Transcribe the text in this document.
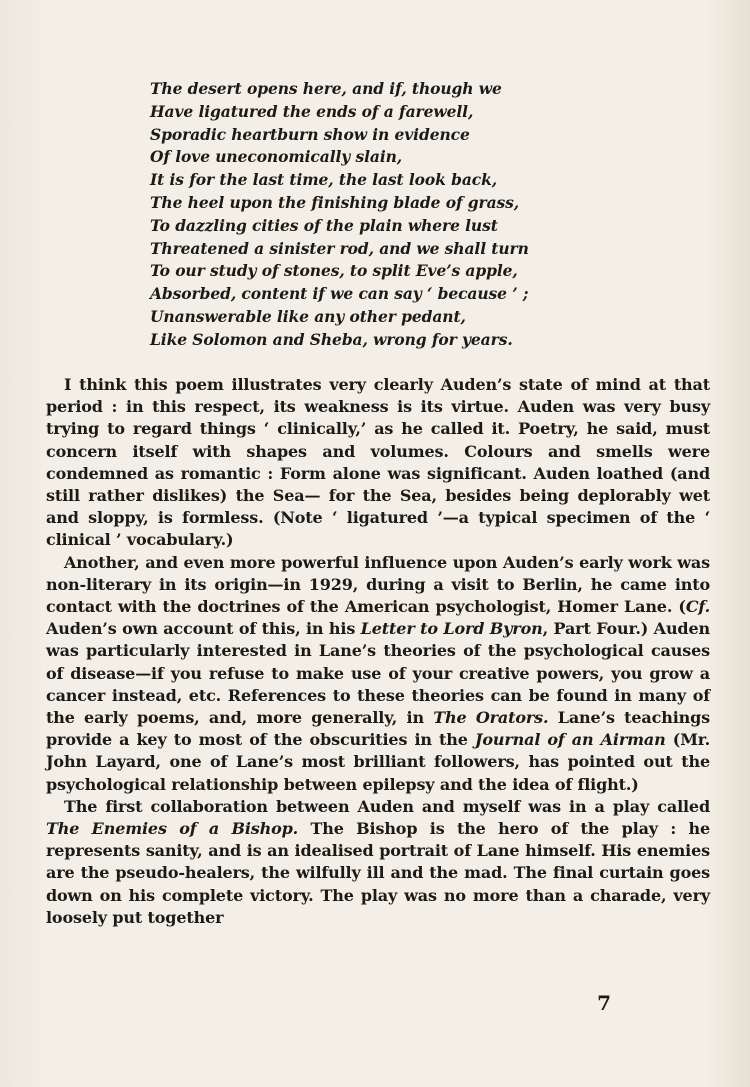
The desert opens here, and if, though we
Have ligatured the ends of a farewell,
Sporadic heartburn show in evidence
Of love uneconomically slain,
It is for the last time, the last look back,
The heel upon the finishing blade of grass,
To dazzling cities of the plain where lust
Threatened a sinister rod, and we shall turn
To our study of stones, to split Eve’s apple,
Absorbed, content if we can say ‘ because ’ ;
Unanswerable like any other pedant,
Like Solomon and Sheba, wrong for years.

I think this poem illustrates very clearly Auden’s state of mind at that period : in this respect, its weakness is its virtue. Auden was very busy trying to regard things ‘ clinically,’ as he called it. Poetry, he said, must concern itself with shapes and volumes. Colours and smells were condemned as romantic : Form alone was significant. Auden loathed (and still rather dislikes) the Sea— for the Sea, besides being deplorably wet and sloppy, is formless. (Note ‘ ligatured ’—a typical specimen of the ‘ clinical ’ vocabulary.)

Another, and even more powerful influence upon Auden’s early work was non-literary in its origin—in 1929, during a visit to Berlin, he came into contact with the doctrines of the American psychologist, Homer Lane. (Cf. Auden’s own account of this, in his Letter to Lord Byron, Part Four.) Auden was particularly interested in Lane’s theories of the psychological causes of disease—if you refuse to make use of your creative powers, you grow a cancer instead, etc. References to these theories can be found in many of the early poems, and, more generally, in The Orators. Lane’s teachings provide a key to most of the obscurities in the Journal of an Airman (Mr. John Layard, one of Lane’s most brilliant followers, has pointed out the psychological relationship between epilepsy and the idea of flight.)

The first collaboration between Auden and myself was in a play called The Enemies of a Bishop. The Bishop is the hero of the play : he represents sanity, and is an idealised portrait of Lane himself. His enemies are the pseudo-healers, the wilfully ill and the mad. The final curtain goes down on his complete victory. The play was no more than a charade, very loosely put together

7
